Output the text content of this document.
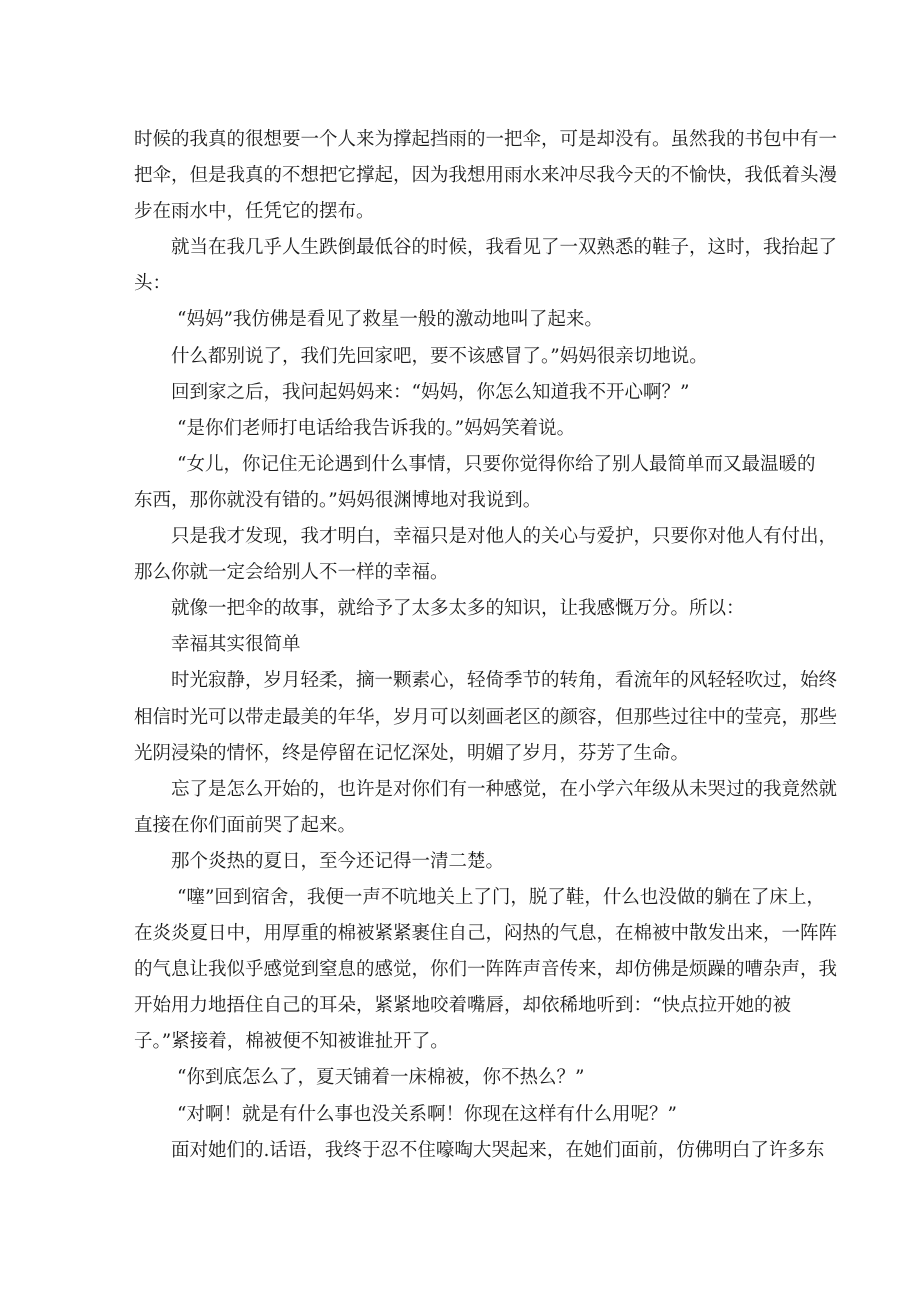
时候的我真的很想要一个人来为撑起挡雨的一把伞，可是却没有。虽然我的书包中有一
把伞，但是我真的不想把它撑起，因为我想用雨水来冲尽我今天的不愉快，我低着头漫
步在雨水中，任凭它的摆布。
就当在我几乎人生跌倒最低谷的时候，我看见了一双熟悉的鞋子，这时，我抬起了
头：
“妈妈”我仿佛是看见了救星一般的激动地叫了起来。
什么都别说了，我们先回家吧，要不该感冒了。”妈妈很亲切地说。
回到家之后，我问起妈妈来：“妈妈，你怎么知道我不开心啊？”
“是你们老师打电话给我告诉我的。”妈妈笑着说。
“女儿，你记住无论遇到什么事情，只要你觉得你给了别人最简单而又最温暖的
东西，那你就没有错的。”妈妈很渊博地对我说到。
只是我才发现，我才明白，幸福只是对他人的关心与爱护，只要你对他人有付出，
那么你就一定会给别人不一样的幸福。
就像一把伞的故事，就给予了太多太多的知识，让我感慨万分。所以：
幸福其实很简单
时光寂静，岁月轻柔，摘一颗素心，轻倚季节的转角，看流年的风轻轻吹过，始终
相信时光可以带走最美的年华，岁月可以刻画老区的颜容，但那些过往中的莹亮，那些
光阴浸染的情怀，终是停留在记忆深处，明媚了岁月，芬芳了生命。
忘了是怎么开始的，也许是对你们有一种感觉，在小学六年级从未哭过的我竟然就
直接在你们面前哭了起来。
那个炎热的夏日，至今还记得一清二楚。
“噻”回到宿舍，我便一声不吭地关上了门，脱了鞋，什么也没做的躺在了床上，
在炎炎夏日中，用厚重的棉被紧紧裹住自己，闷热的气息，在棉被中散发出来，一阵阵
的气息让我似乎感觉到窒息的感觉，你们一阵阵声音传来，却仿佛是烦躁的嘈杂声，我
开始用力地捂住自己的耳朵，紧紧地咬着嘴唇，却依稀地听到：“快点拉开她的被
子。”紧接着，棉被便不知被谁扯开了。
“你到底怎么了，夏天铺着一床棉被，你不热么？”
“对啊！就是有什么事也没关系啊！你现在这样有什么用呢？”
面对她们的.话语，我终于忍不住嚎啕大哭起来，在她们面前，仿佛明白了许多东
